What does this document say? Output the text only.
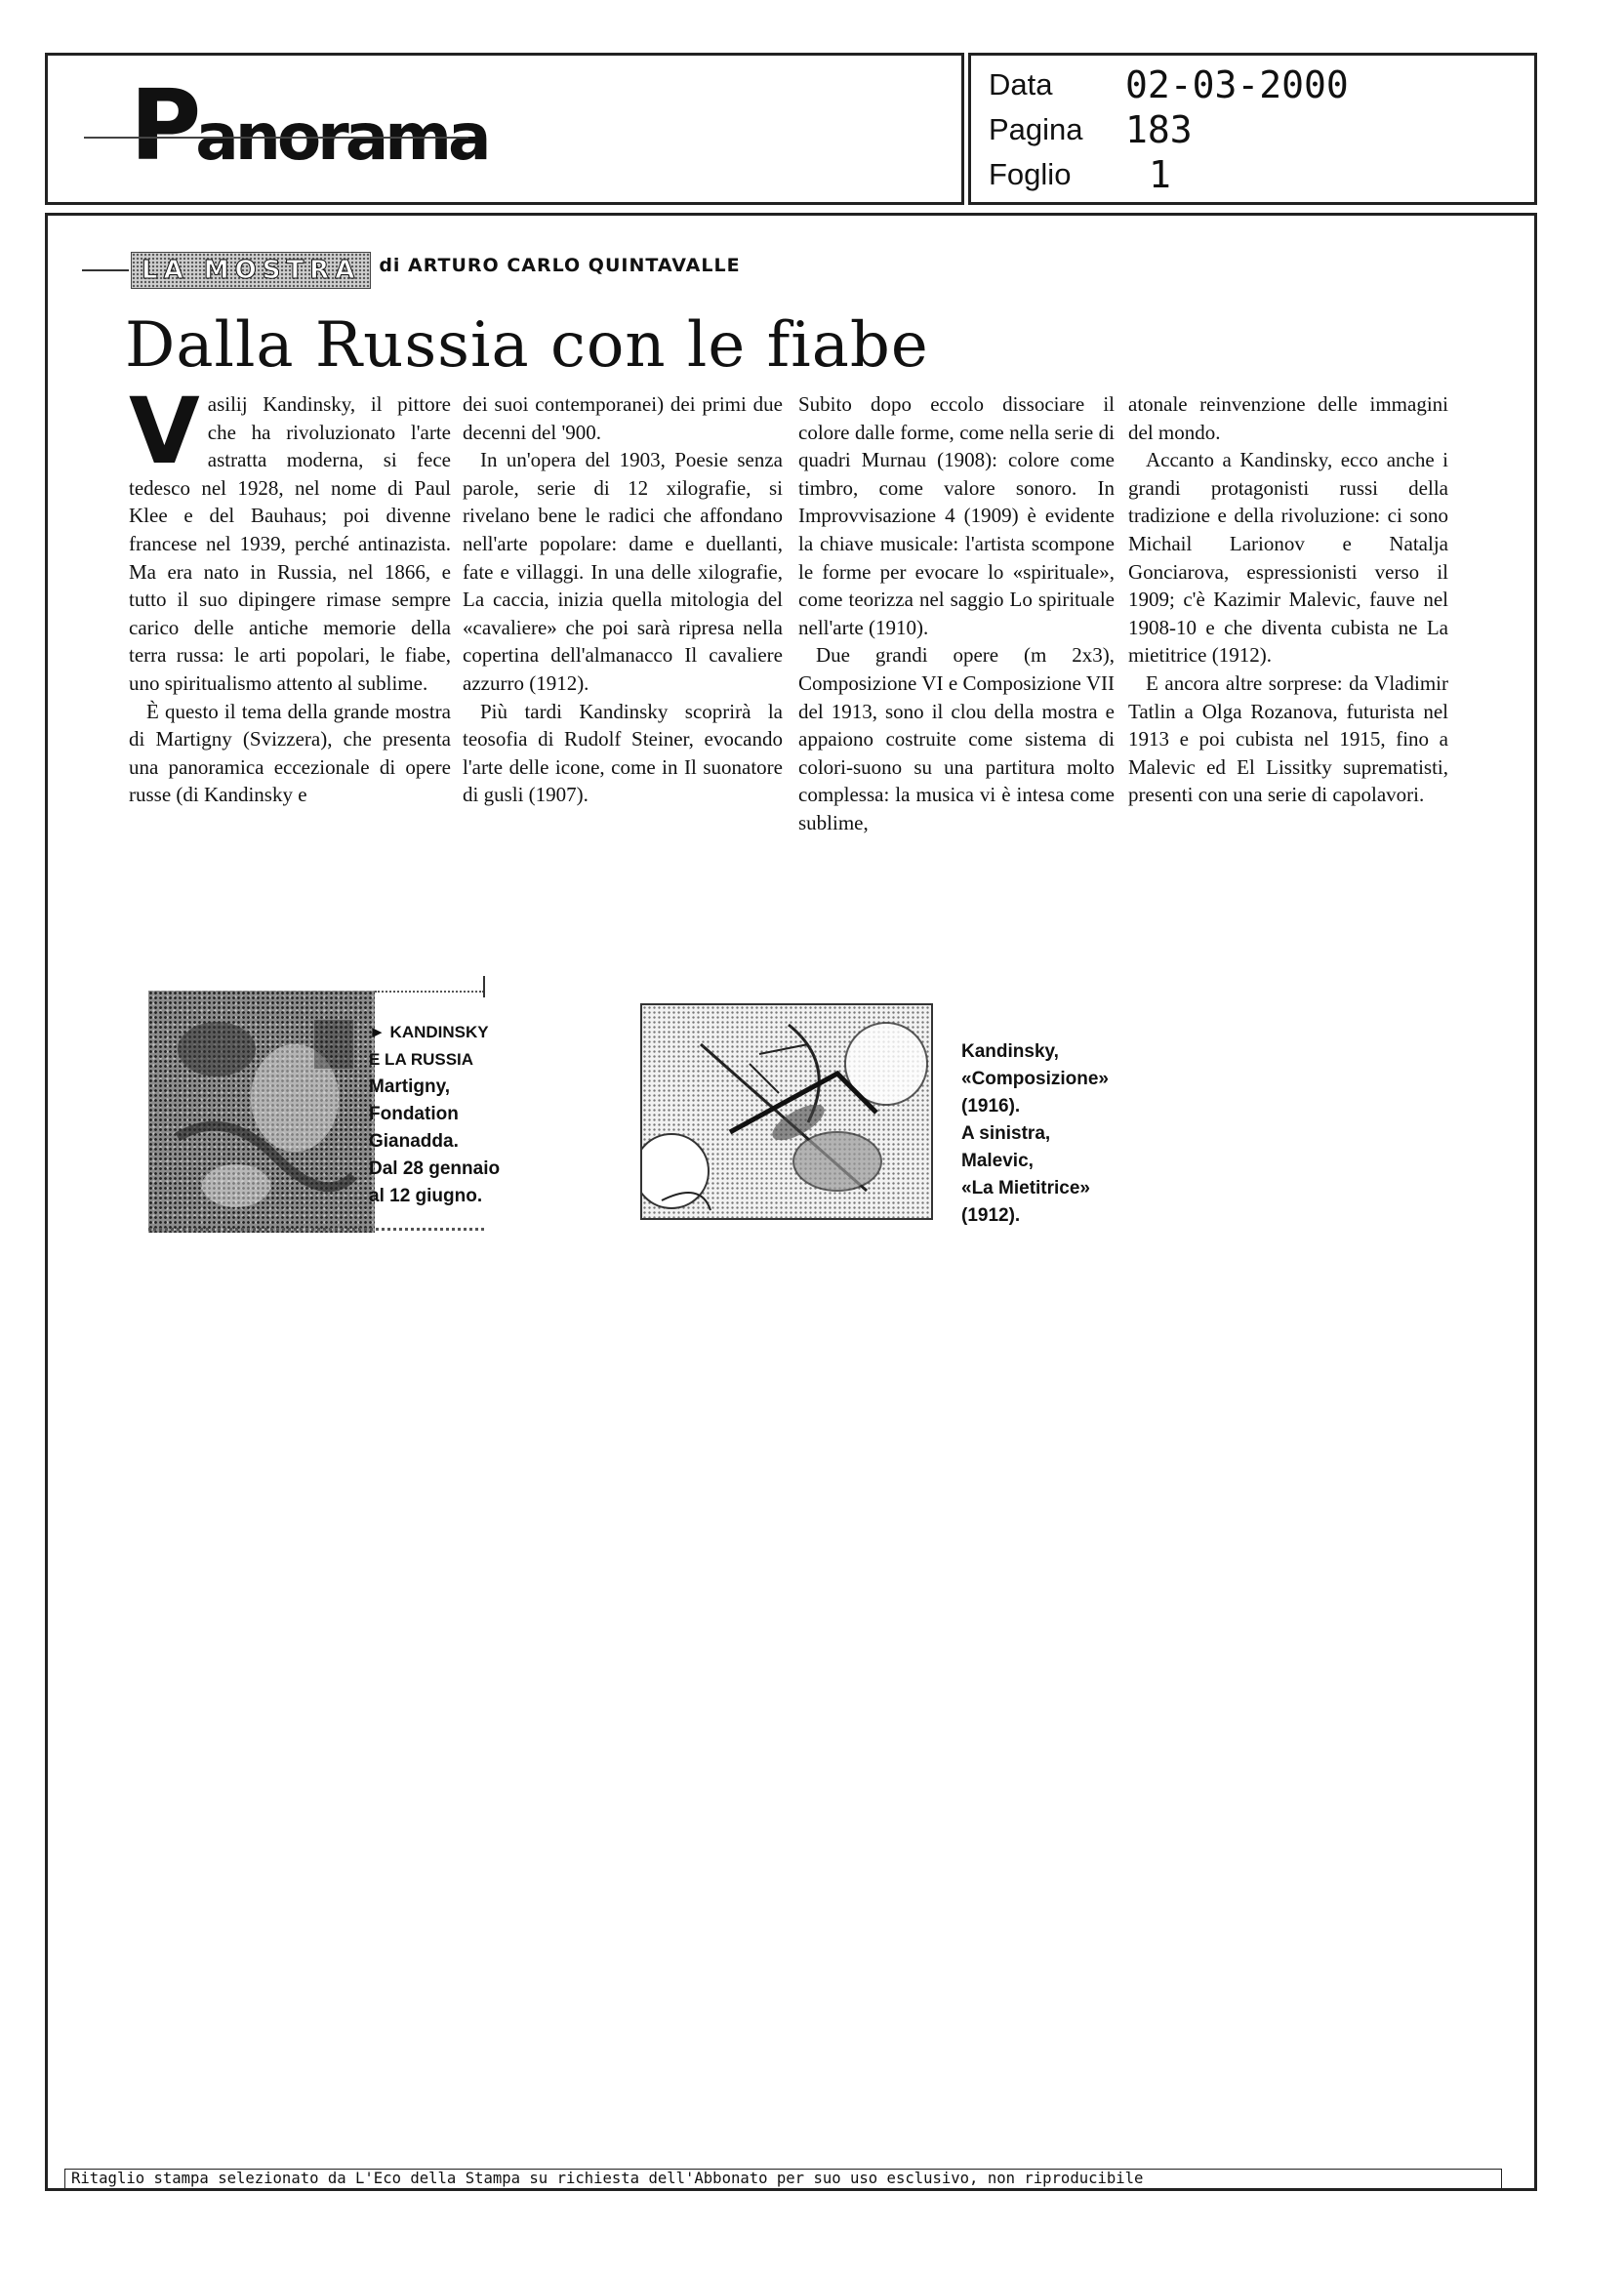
Panorama
Data	02-03-2000
Pagina	183
Foglio	1
LA MOSTRA	di ARTURO CARLO QUINTAVALLE
Dalla Russia con le fiabe

Vasilij Kandinsky, il pittore che ha rivoluzionato l'arte astratta moderna, si fece tedesco nel 1928, nel nome di Paul Klee e del Bauhaus; poi divenne francese nel 1939, perché antinazista. Ma era nato in Russia, nel 1866, e tutto il suo dipingere rimase sempre carico delle antiche memorie della terra russa: le arti popolari, le fiabe, uno spiritualismo attento al sublime.

È questo il tema della grande mostra di Martigny (Svizzera), che presenta una panoramica eccezionale di opere russe (di Kandinsky e

dei suoi contemporanei) dei primi due decenni del '900.

In un'opera del 1903, Poesie senza parole, serie di 12 xilografie, si rivelano bene le radici che affondano nell'arte popolare: dame e duellanti, fate e villaggi. In una delle xilografie, La caccia, inizia quella mitologia del «cavaliere» che poi sarà ripresa nella copertina dell'almanacco Il cavaliere azzurro (1912).

Più tardi Kandinsky scoprirà la teosofia di Rudolf Steiner, evocando l'arte delle icone, come in Il suonatore di gusli (1907).

Subito dopo eccolo dissociare il colore dalle forme, come nella serie di quadri Murnau (1908): colore come timbro, come valore sonoro. In Improvvisazione 4 (1909) è evidente la chiave musicale: l'artista scompone le forme per evocare lo «spirituale», come teorizza nel saggio Lo spirituale nell'arte (1910).

Due grandi opere (m 2x3), Composizione VI e Composizione VII del 1913, sono il clou della mostra e appaiono costruite come sistema di colori-suono su una partitura molto complessa: la musica vi è intesa come sublime,

atonale reinvenzione delle immagini del mondo.

Accanto a Kandinsky, ecco anche i grandi protagonisti russi della tradizione e della rivoluzione: ci sono Michail Larionov e Natalja Gonciarova, espressionisti verso il 1909; c'è Kazimir Malevic, fauve nel 1908-10 e che diventa cubista ne La mietitrice (1912).

E ancora altre sorprese: da Vladimir Tatlin a Olga Rozanova, futurista nel 1913 e poi cubista nel 1915, fino a Malevic ed El Lissitky suprematisti, presenti con una serie di capolavori.

► KANDINSKY
E LA RUSSIA
Martigny,
Fondation
Gianadda.
Dal 28 gennaio
al 12 giugno.
Kandinsky,
«Composizione»
(1916).
A sinistra,
Malevic,
«La Mietitrice»
(1912).
Ritaglio stampa selezionato da L'Eco della Stampa su richiesta dell'Abbonato per suo uso esclusivo, non riproducibile
